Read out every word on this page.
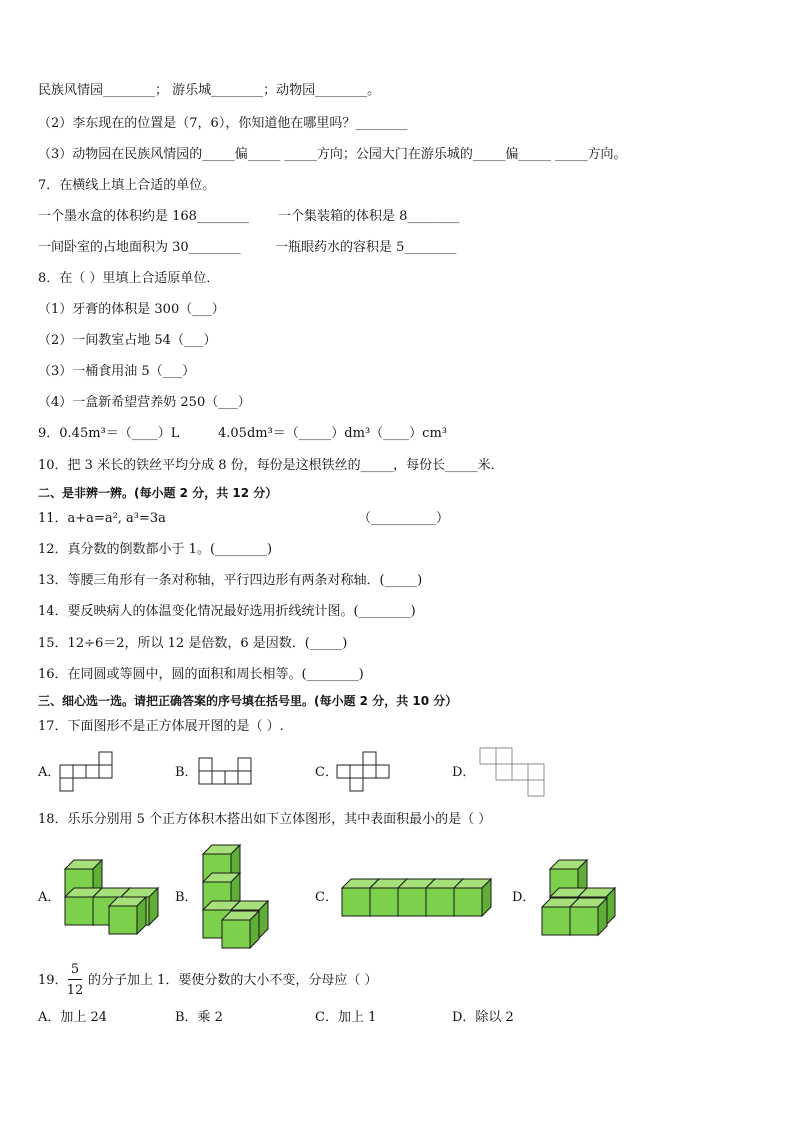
民族风情园________； 游乐城________；动物园________。
（2）李东现在的位置是（7，6），你知道他在哪里吗？________
（3）动物园在民族风情园的_____偏_____ _____方向；公园大门在游乐城的_____偏_____ _____方向。
7．在横线上填上合适的单位。
一个墨水盒的体积约是 168________ 一个集装箱的体积是 8________
一间卧室的占地面积为 30________	一瓶眼药水的容积是 5________
8．在（ ）里填上合适原单位．
（1）牙膏的体积是 300（___）
（2）一间教室占地 54（___）
（3）一桶食用油 5（___）
（4）一盒新希望营养奶 250（___）
9．0.45m³＝（____）L	4.05dm³＝（_____）dm³（____）cm³
10．把 3 米长的铁丝平均分成 8 份，每份是这根铁丝的_____，每份长_____米．
二、是非辨一辨。(每小题 2 分，共 12 分）
11．a+a=a², a³=3a	（__________）
12．真分数的倒数都小于 1。(________)
13．等腰三角形有一条对称轴，平行四边形有两条对称轴．(_____)
14．要反映病人的体温变化情况最好选用折线统计图。(________)
15．12÷6＝2，所以 12 是倍数，6 是因数．(_____)
16．在同圆或等圆中，圆的面积和周长相等。(________)
三、细心选一选。请把正确答案的序号填在括号里。(每小题 2 分，共 10 分）
17．下面图形不是正方体展开图的是（ ）.
A．	B．	C．	D．
18．乐乐分别用 5 个正方体积木搭出如下立体图形，其中表面积最小的是（ ）
A．	B．	C．	D．
19．
5
12
的分子加上 1．要使分数的大小不变，分母应（ ）
A．加上 24	B．乘 2	C．加上 1	D．除以 2
